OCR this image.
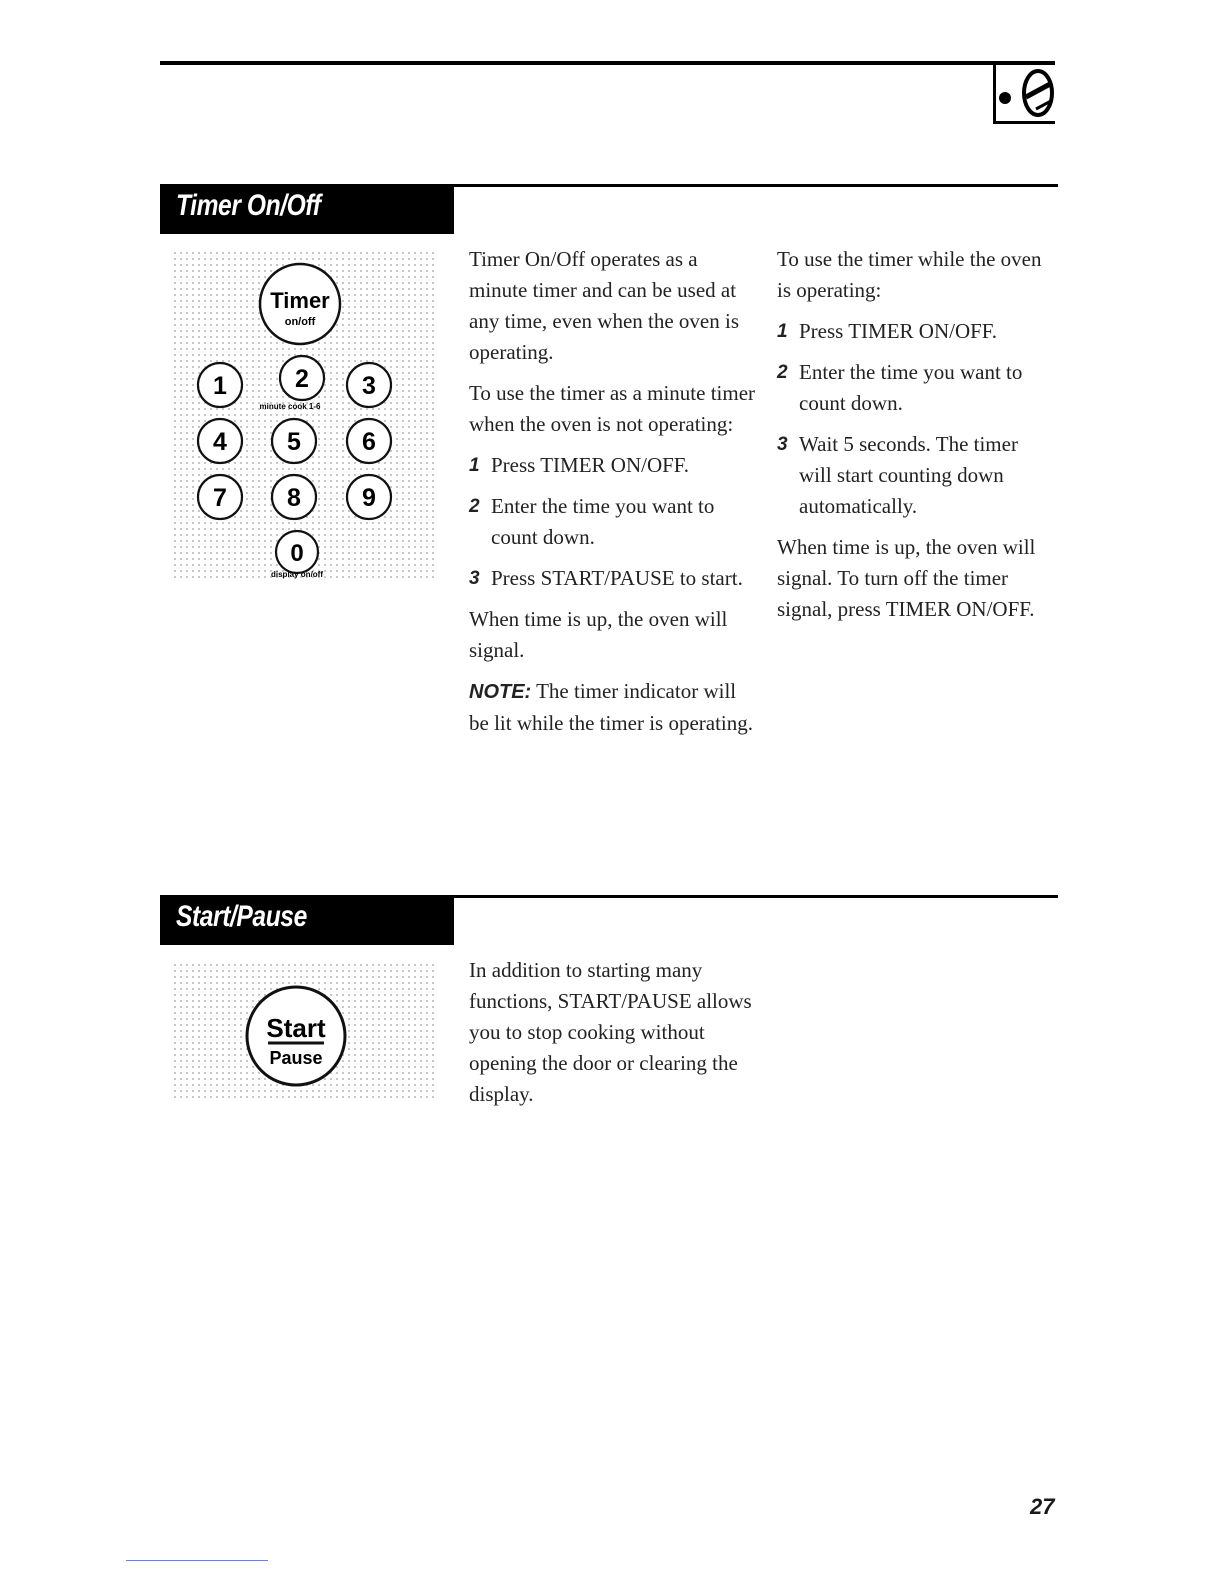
Timer On/Off
Timer
on/off
1	2 3
minute cook 1-6
4 5 6
7 8 9
0
display on/off

Timer On/Off operates as a minute timer and can be used at any time, even when the oven is operating.

To use the timer as a minute timer when the oven is not operating:

1 Press TIMER ON/OFF.
2 Enter the time you want to count down.
3 Press START/PAUSE to start.

When time is up, the oven will signal.

NOTE: The timer indicator will be lit while the timer is operating.

To use the timer while the oven is operating:

1 Press TIMER ON/OFF.
2 Enter the time you want to count down.
3 Wait 5 seconds. The timer will start counting down automatically.

When time is up, the oven will signal. To turn off the timer signal, press TIMER ON/OFF.

Start/Pause
Start
Pause

In addition to starting many functions, START/PAUSE allows you to stop cooking without opening the door or clearing the display.

27
